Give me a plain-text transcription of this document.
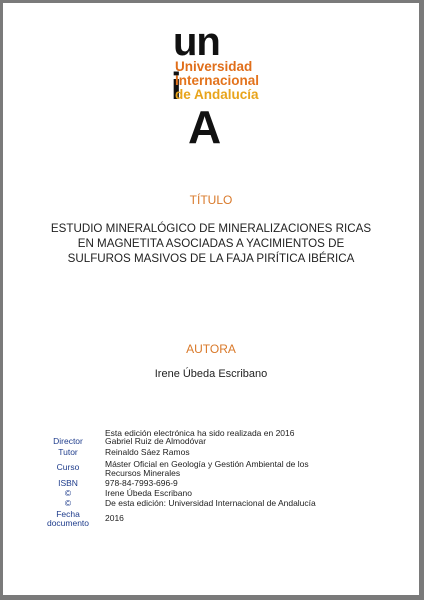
un
i
A
Universidad
Internacional
de Andalucía
TÍTULO
ESTUDIO MINERALÓGICO DE MINERALIZACIONES RICAS
EN MAGNETITA ASOCIADAS A YACIMIENTOS DE
SULFUROS MASIVOS DE LA FAJA PIRÍTICA IBÉRICA
AUTORA
Irene Úbeda Escribano
Esta edición electrónica ha sido realizada en 2016
Director	Gabriel Ruiz de Almodóvar
Tutor	Reinaldo Sáez Ramos
Curso	Máster Oficial en Geología y Gestión Ambiental de los Recursos Minerales
ISBN	978-84-7993-696-9
©	Irene Úbeda Escribano
©	De esta edición: Universidad Internacional de Andalucía
Fecha documento	2016
